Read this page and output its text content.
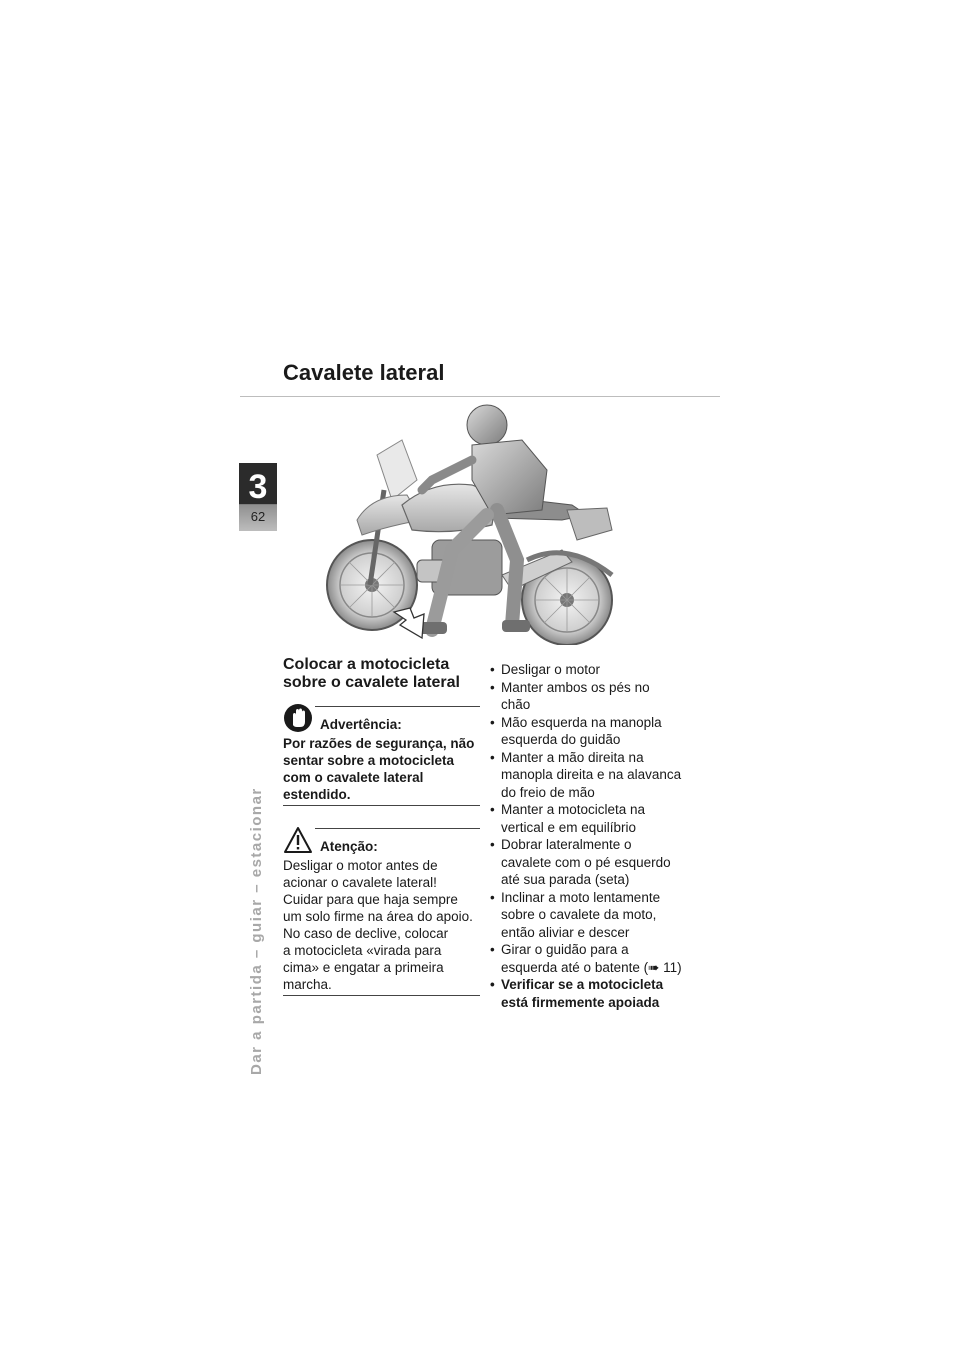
Cavalete lateral
3
62
Dar a partida – guiar – estacionar
Colocar a motocicleta
sobre o cavalete lateral
Advertência:
Por razões de segurança, não
sentar sobre a motocicleta
com o cavalete lateral
estendido.
Atenção:
Desligar o motor antes de
acionar o cavalete lateral!
Cuidar para que haja sempre
um solo firme na área do apoio.
No caso de declive, colocar
a motocicleta «virada para
cima» e engatar a primeira
marcha.
• Desligar o motor
• Manter ambos os pés no
chão
• Mão esquerda na manopla
esquerda do guidão
• Manter a mão direita na
manopla direita e na alavanca
do freio de mão
• Manter a motocicleta na
vertical e em equilíbrio
• Dobrar lateralmente o
cavalete com o pé esquerdo
até sua parada (seta)
• Inclinar a moto lentamente
sobre o cavalete da moto,
então aliviar e descer
• Girar o guidão para a
esquerda até o batente (➠ 11)
• Verificar se a motocicleta
está firmemente apoiada
